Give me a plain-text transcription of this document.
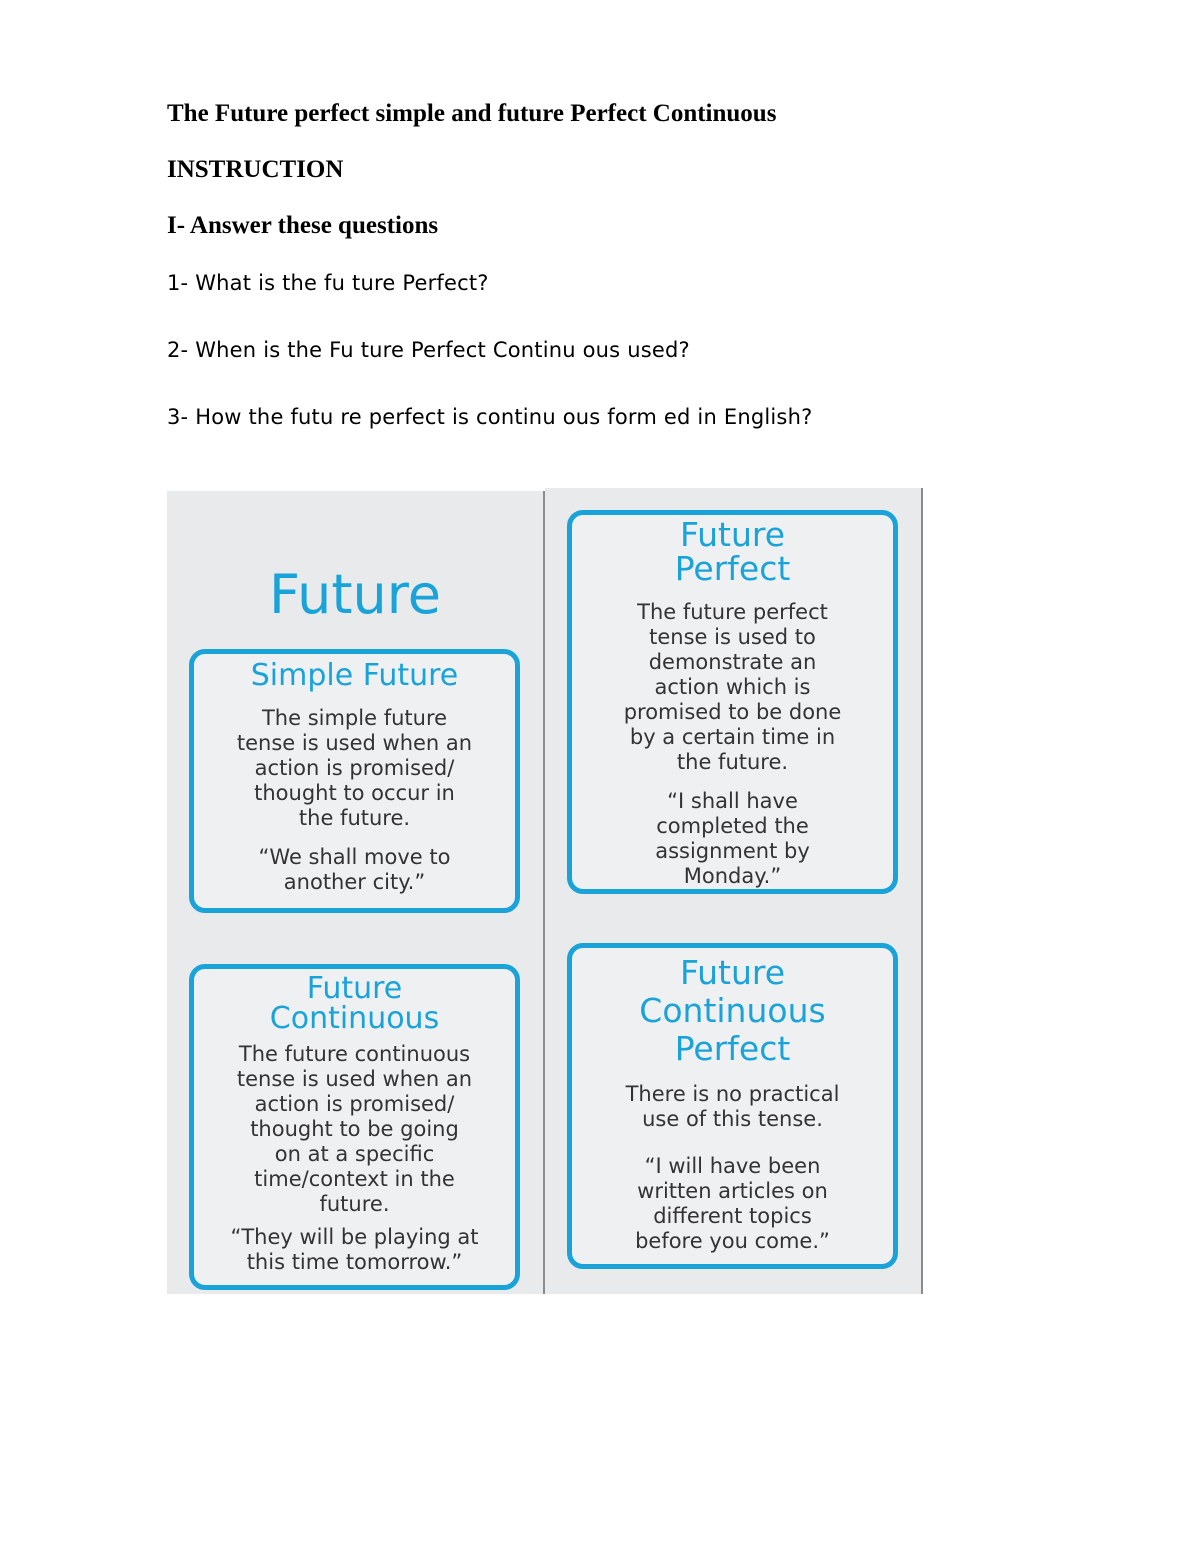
The Future perfect simple and future Perfect Continuous
INSTRUCTION
I- Answer these questions
1- What is the fu ture Perfect?
2- When is the Fu ture Perfect Continu ous used?
3- How the futu re perfect is continu ous form ed in English?
Future
Simple Future
The simple future
tense is used when an
action is promised/
thought to occur in
the future.
“We shall move to
another city.”
Future
Continuous
The future continuous
tense is used when an
action is promised/
thought to be going
on at a specific
time/context in the
future.
“They will be playing at
this time tomorrow.”
Future
Perfect
The future perfect
tense is used to
demonstrate an
action which is
promised to be done
by a certain time in
the future.
“I shall have
completed the
assignment by
Monday.”
Future
Continuous
Perfect
There is no practical
use of this tense.
“I will have been
written articles on
different topics
before you come.”
